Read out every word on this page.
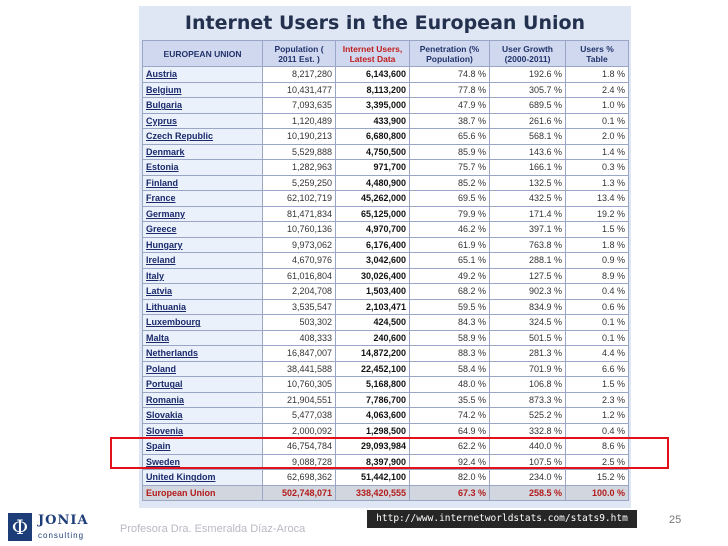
Internet Users in the European Union
EUROPEAN UNION	Population ( 2011 Est. )	Internet Users, Latest Data	Penetration (% Population)	User Growth (2000-2011)	Users % Table
Austria	8,217,280	6,143,600	74.8 %	192.6 %	1.8 %
Belgium	10,431,477	8,113,200	77.8 %	305.7 %	2.4 %
Bulgaria	7,093,635	3,395,000	47.9 %	689.5 %	1.0 %
Cyprus	1,120,489	433,900	38.7 %	261.6 %	0.1 %
Czech Republic	10,190,213	6,680,800	65.6 %	568.1 %	2.0 %
Denmark	5,529,888	4,750,500	85.9 %	143.6 %	1.4 %
Estonia	1,282,963	971,700	75.7 %	166.1 %	0.3 %
Finland	5,259,250	4,480,900	85.2 %	132.5 %	1.3 %
France	62,102,719	45,262,000	69.5 %	432.5 %	13.4 %
Germany	81,471,834	65,125,000	79.9 %	171.4 %	19.2 %
Greece	10,760,136	4,970,700	46.2 %	397.1 %	1.5 %
Hungary	9,973,062	6,176,400	61.9 %	763.8 %	1.8 %
Ireland	4,670,976	3,042,600	65.1 %	288.1 %	0.9 %
Italy	61,016,804	30,026,400	49.2 %	127.5 %	8.9 %
Latvia	2,204,708	1,503,400	68.2 %	902.3 %	0.4 %
Lithuania	3,535,547	2,103,471	59.5 %	834.9 %	0.6 %
Luxembourg	503,302	424,500	84.3 %	324.5 %	0.1 %
Malta	408,333	240,600	58.9 %	501.5 %	0.1 %
Netherlands	16,847,007	14,872,200	88.3 %	281.3 %	4.4 %
Poland	38,441,588	22,452,100	58.4 %	701.9 %	6.6 %
Portugal	10,760,305	5,168,800	48.0 %	106.8 %	1.5 %
Romania	21,904,551	7,786,700	35.5 %	873.3 %	2.3 %
Slovakia	5,477,038	4,063,600	74.2 %	525.2 %	1.2 %
Slovenia	2,000,092	1,298,500	64.9 %	332.8 %	0.4 %
Spain	46,754,784	29,093,984	62.2 %	440.0 %	8.6 %
Sweden	9,088,728	8,397,900	92.4 %	107.5 %	2.5 %
United Kingdom	62,698,362	51,442,100	82.0 %	234.0 %	15.2 %
European Union	502,748,071	338,420,555	67.3 %	258.5 %	100.0 %
http://www.internetworldstats.com/stats9.htm	25
Profesora Dra. Esmeralda Díaz-Aroca
Φ JONIA
consulting
